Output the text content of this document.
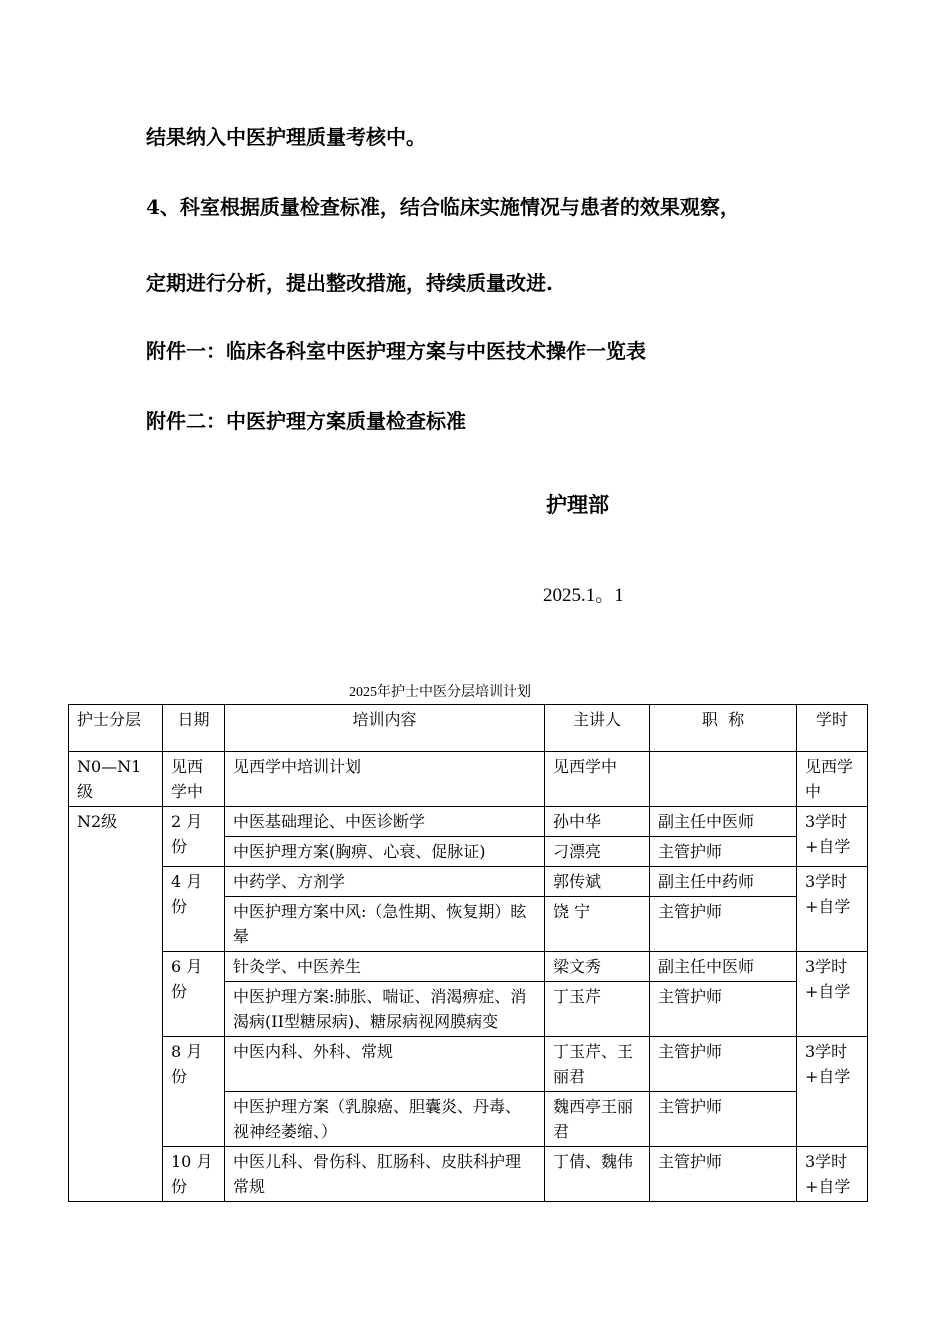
结果纳入中医护理质量考核中。

4、科室根据质量检查标准，结合临床实施情况与患者的效果观察，

定期进行分析，提出整改措施，持续质量改进.

附件一：临床各科室中医护理方案与中医技术操作一览表

附件二：中医护理方案质量检查标准

护理部

2025.1。1

2025年护士中医分层培训计划

护士分层	日期	培训内容	主讲人	职  称	学时
N0—N1级	见西学中	见西学中培训计划	见西学中		见西学中
N2级	2 月份	中医基础理论、中医诊断学	孙中华	副主任中医师	3学时+自学
		中医护理方案(胸痹、心衰、促脉证)	刁漂亮	主管护师	
	4 月份	中药学、方剂学	郭传斌	副主任中药师	3学时+自学
		中医护理方案中风:（急性期、恢复期）眩晕	饶 宁	主管护师	
	6 月份	针灸学、中医养生	梁文秀	副主任中医师	3学时+自学
		中医护理方案:肺胀、喘证、消渴痹症、消渴病(II型糖尿病)、糖尿病视网膜病变	丁玉芹	主管护师	
	8 月份	中医内科、外科、常规	丁玉芹、王丽君	主管护师	3学时+自学
		中医护理方案（乳腺癌、胆囊炎、丹毒、视神经萎缩、）	魏西亭王丽君	主管护师	
	10 月份	中医儿科、骨伤科、肛肠科、皮肤科护理常规	丁倩、魏伟	主管护师	3学时+自学
